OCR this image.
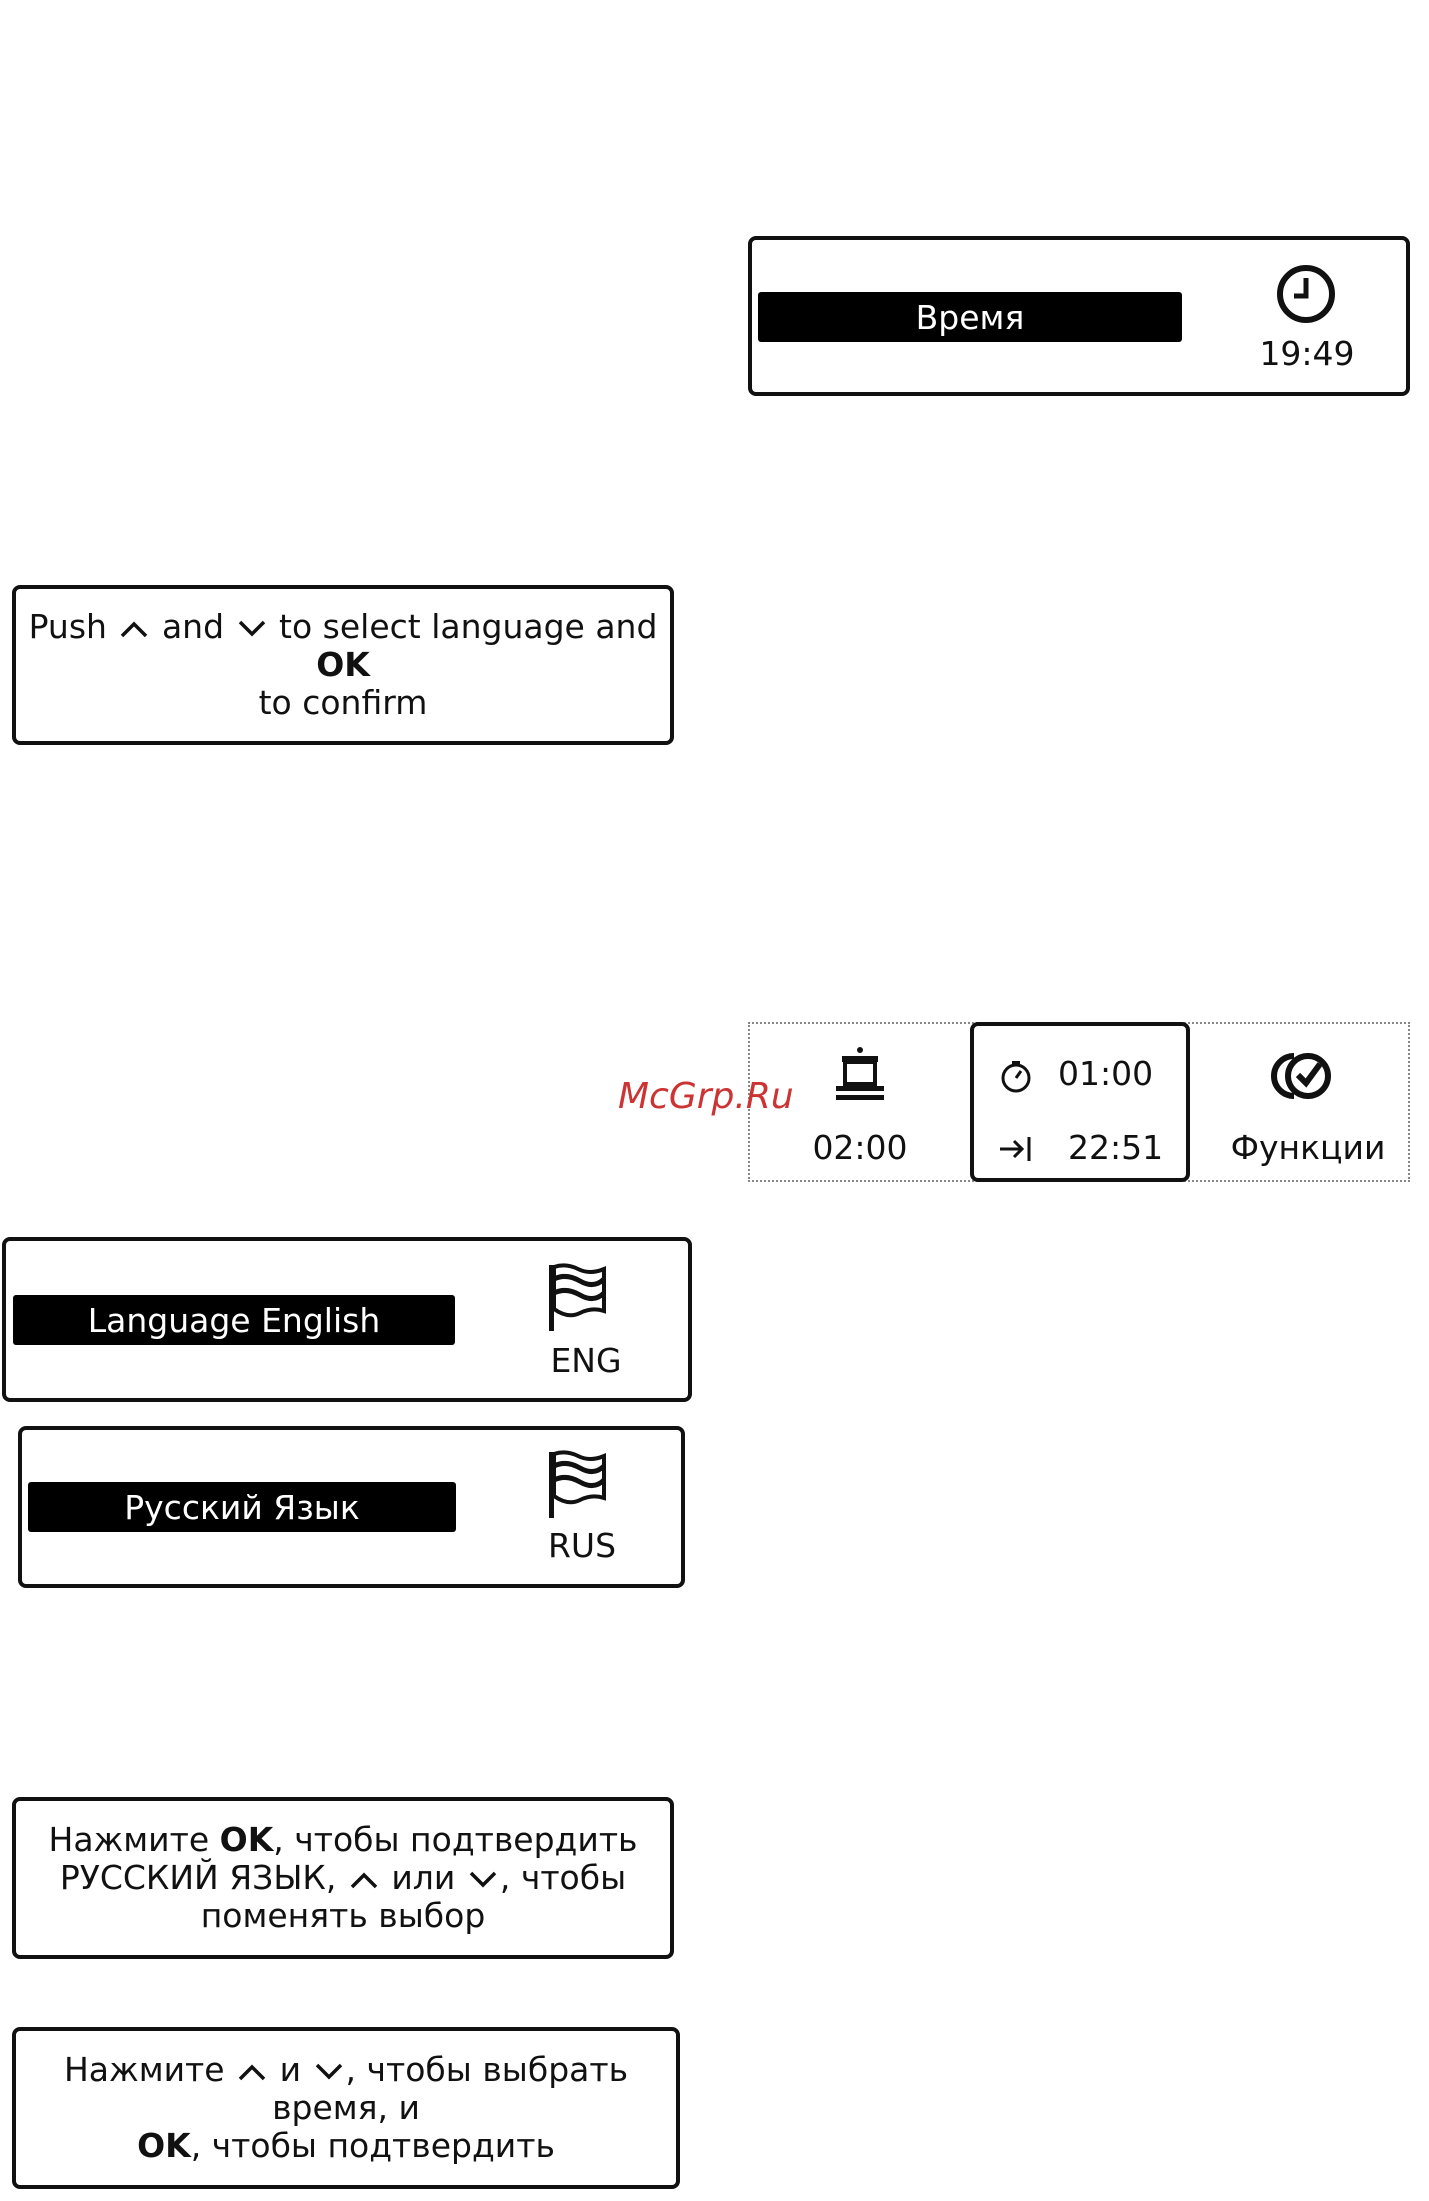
Время
19:49
Push and to select language and OK
to confirm
02:00
01:00
22:51	Функции
McGrp.Ru
Language English
ENG
Русский Язык
RUS
Нажмите OK, чтобы подтвердить
РУССКИЙ ЯЗЫК, или , чтобы
поменять выбор
Нажмите и , чтобы выбрать время, и
OK, чтобы подтвердить
